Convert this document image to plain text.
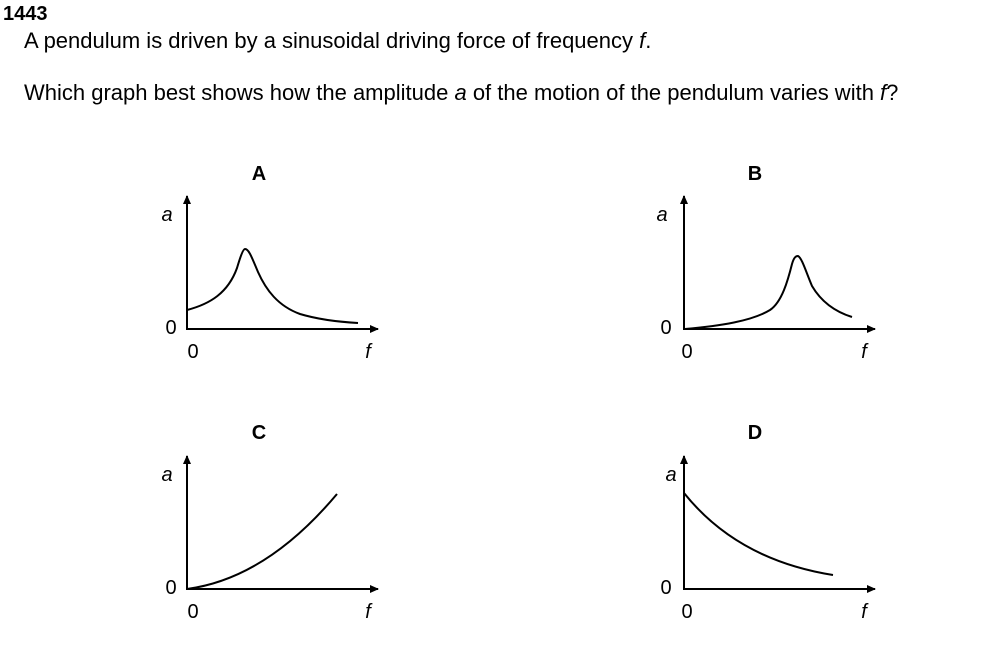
1443
A pendulum is driven by a sinusoidal driving force of frequency f.
Which graph best shows how the amplitude a of the motion of the pendulum varies with f?
A
a
0
0	f
B
a
0
0	f
C
a
0
0	f
D
a
0
0	f
